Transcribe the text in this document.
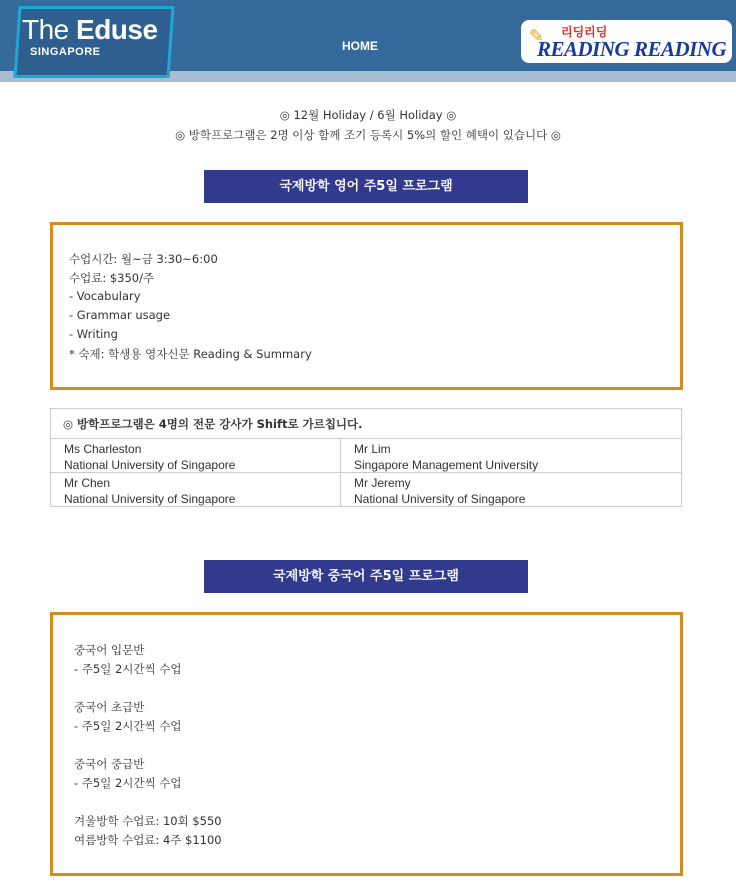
The Eduse
SINGAPORE	HOME	✎ 리딩리딩
READING READING
◎ 12월 Holiday / 6월 Holiday ◎
◎ 방학프로그램은 2명 이상 함께 조기 등록시 5%의 할인 혜택이 있습니다 ◎
국제방학 영어 주5일 프로그램
수업시간: 월~금 3:30~6:00
수업료: $350/주
- Vocabulary
- Grammar usage
- Writing
* 숙제: 학생용 영자신문 Reading & Summary
◎ 방학프로그램은 4명의 전문 강사가 Shift로 가르칩니다.
Ms Charleston
National University of Singapore
Mr Lim
Singapore Management University
Mr Chen
National University of Singapore
Mr Jeremy
National University of Singapore
국제방학 중국어 주5일 프로그램
중국어 입문반
- 주5일 2시간씩 수업
중국어 초급반
- 주5일 2시간씩 수업
중국어 중급반
- 주5일 2시간씩 수업
겨울방학 수업료: 10회 $550
여름방학 수업료: 4주 $1100
